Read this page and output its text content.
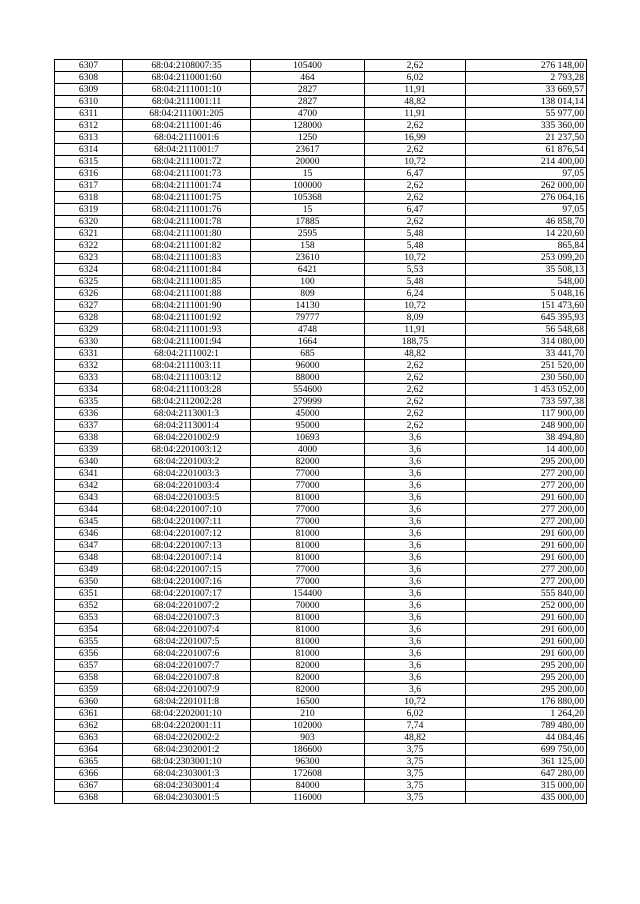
6307	68:04:2108007:35	105400	2,62	276 148,00
6308	68:04:2110001:60	464	6,02	2 793,28
6309	68:04:2111001:10	2827	11,91	33 669,57
6310	68:04:2111001:11	2827	48,82	138 014,14
6311	68:04:2111001:205	4700	11,91	55 977,00
6312	68:04:2111001:46	128000	2,62	335 360,00
6313	68:04:2111001:6	1250	16,99	21 237,50
6314	68:04:2111001:7	23617	2,62	61 876,54
6315	68:04:2111001:72	20000	10,72	214 400,00
6316	68:04:2111001:73	15	6,47	97,05
6317	68:04:2111001:74	100000	2,62	262 000,00
6318	68:04:2111001:75	105368	2,62	276 064,16
6319	68:04:2111001:76	15	6,47	97,05
6320	68:04:2111001:78	17885	2,62	46 858,70
6321	68:04:2111001:80	2595	5,48	14 220,60
6322	68:04:2111001:82	158	5,48	865,84
6323	68:04:2111001:83	23610	10,72	253 099,20
6324	68:04:2111001:84	6421	5,53	35 508,13
6325	68:04:2111001:85	100	5,48	548,00
6326	68:04:2111001:88	809	6,24	5 048,16
6327	68:04:2111001:90	14130	10,72	151 473,60
6328	68:04:2111001:92	79777	8,09	645 395,93
6329	68:04:2111001:93	4748	11,91	56 548,68
6330	68:04:2111001:94	1664	188,75	314 080,00
6331	68:04:2111002:1	685	48,82	33 441,70
6332	68:04:2111003:11	96000	2,62	251 520,00
6333	68:04:2111003:12	88000	2,62	230 560,00
6334	68:04:2111003:28	554600	2,62	1 453 052,00
6335	68:04:2112002:28	279999	2,62	733 597,38
6336	68:04:2113001:3	45000	2,62	117 900,00
6337	68:04:2113001:4	95000	2,62	248 900,00
6338	68:04:2201002:9	10693	3,6	38 494,80
6339	68:04:2201003:12	4000	3,6	14 400,00
6340	68:04:2201003:2	82000	3,6	295 200,00
6341	68:04:2201003:3	77000	3,6	277 200,00
6342	68:04:2201003:4	77000	3,6	277 200,00
6343	68:04:2201003:5	81000	3,6	291 600,00
6344	68:04:2201007:10	77000	3,6	277 200,00
6345	68:04:2201007:11	77000	3,6	277 200,00
6346	68:04:2201007:12	81000	3,6	291 600,00
6347	68:04:2201007:13	81000	3,6	291 600,00
6348	68:04:2201007:14	81000	3,6	291 600,00
6349	68:04:2201007:15	77000	3,6	277 200,00
6350	68:04:2201007:16	77000	3,6	277 200,00
6351	68:04:2201007:17	154400	3,6	555 840,00
6352	68:04:2201007:2	70000	3,6	252 000,00
6353	68:04:2201007:3	81000	3,6	291 600,00
6354	68:04:2201007:4	81000	3,6	291 600,00
6355	68:04:2201007:5	81000	3,6	291 600,00
6356	68:04:2201007:6	81000	3,6	291 600,00
6357	68:04:2201007:7	82000	3,6	295 200,00
6358	68:04:2201007:8	82000	3,6	295 200,00
6359	68:04:2201007:9	82000	3,6	295 200,00
6360	68:04:2201011:8	16500	10,72	176 880,00
6361	68:04:2202001:10	210	6,02	1 264,20
6362	68:04:2202001:11	102000	7,74	789 480,00
6363	68:04:2202002:2	903	48,82	44 084,46
6364	68:04:2302001:2	186600	3,75	699 750,00
6365	68:04:2303001:10	96300	3,75	361 125,00
6366	68:04:2303001:3	172608	3,75	647 280,00
6367	68:04:2303001:4	84000	3,75	315 000,00
6368	68:04:2303001:5	116000	3,75	435 000,00
